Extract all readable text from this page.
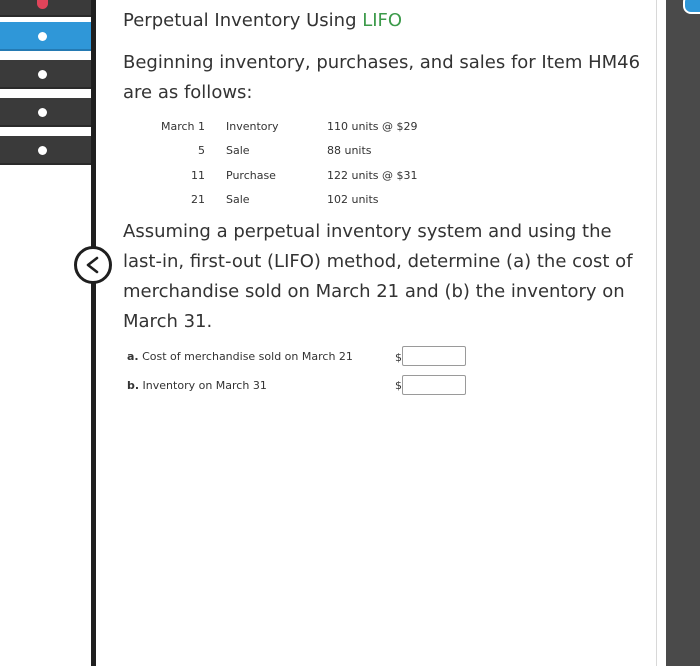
Perpetual Inventory Using LIFO
Beginning inventory, purchases, and sales for Item HM46 are as follows:
March 1	Inventory	110 units @ $29
5	Sale	88 units
11	Purchase	122 units @ $31
21	Sale	102 units
Assuming a perpetual inventory system and using the last-in, first-out (LIFO) method, determine (a) the cost of merchandise sold on March 21 and (b) the inventory on March 31.
a. Cost of merchandise sold on March 21	$
b. Inventory on March 31	$
